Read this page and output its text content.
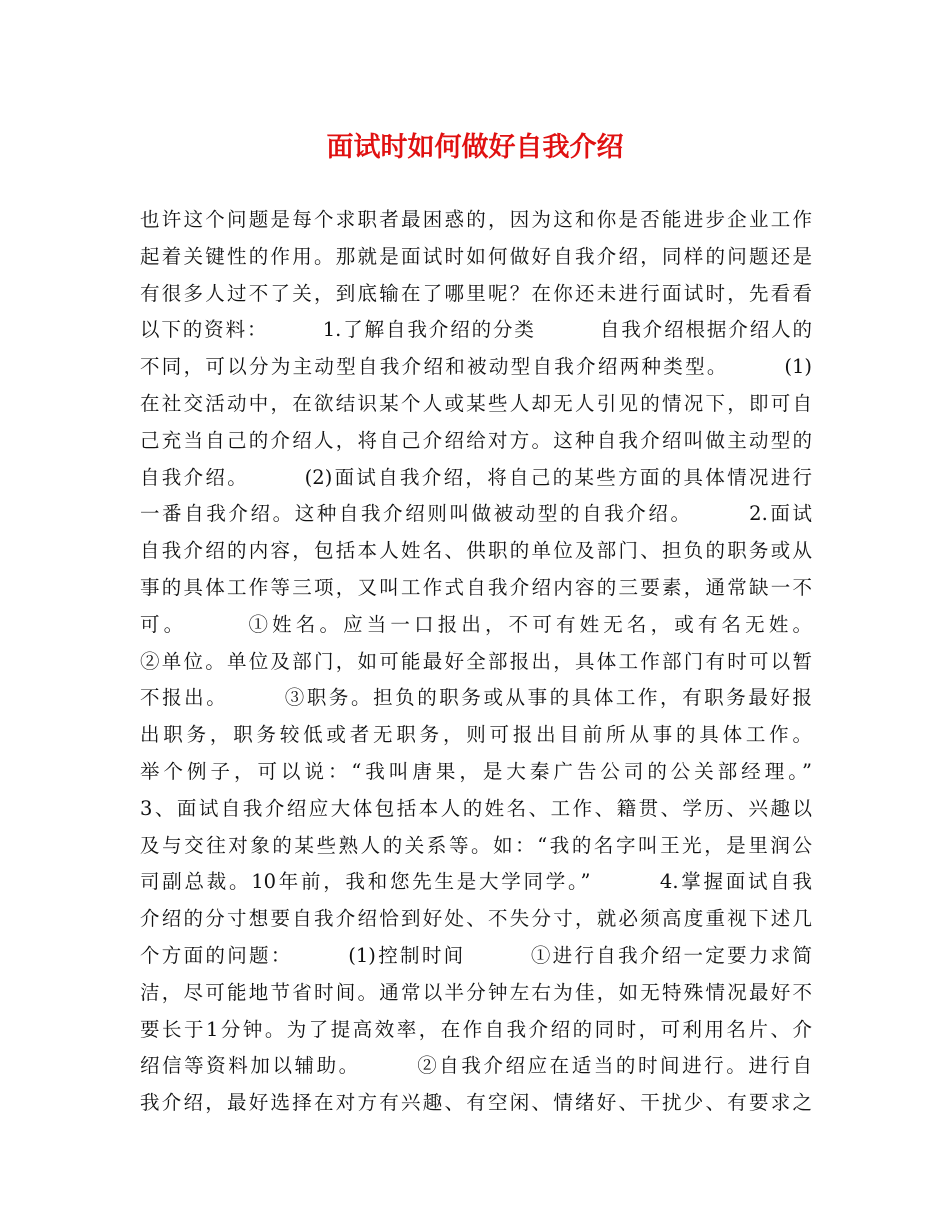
面试时如何做好自我介绍
也许这个问题是每个求职者最困惑的，因为这和你是否能进步企业工作
起着关键性的作用。那就是面试时如何做好自我介绍，同样的问题还是
有很多人过不了关，到底输在了哪里呢？在你还未进行面试时，先看看
以下的资料：　　　1.了解自我介绍的分类　　　自我介绍根据介绍人的
不同，可以分为主动型自我介绍和被动型自我介绍两种类型。　　　(1)
在社交活动中，在欲结识某个人或某些人却无人引见的情况下，即可自
己充当自己的介绍人，将自己介绍给对方。这种自我介绍叫做主动型的
自我介绍。　　　(2)面试自我介绍，将自己的某些方面的具体情况进行
一番自我介绍。这种自我介绍则叫做被动型的自我介绍。　　　2.面试
自我介绍的内容，包括本人姓名、供职的单位及部门、担负的职务或从
事的具体工作等三项，又叫工作式自我介绍内容的三要素，通常缺一不
可。　　　①姓名。应当一口报出，不可有姓无名，或有名无姓。
②单位。单位及部门，如可能最好全部报出，具体工作部门有时可以暂
不报出。　　　③职务。担负的职务或从事的具体工作，有职务最好报
出职务，职务较低或者无职务，则可报出目前所从事的具体工作。
举个例子，可以说：“我叫唐果，是大秦广告公司的公关部经理。”
3、面试自我介绍应大体包括本人的姓名、工作、籍贯、学历、兴趣以
及与交往对象的某些熟人的关系等。如：“我的名字叫王光，是里润公
司副总裁。10年前，我和您先生是大学同学。”　　　4.掌握面试自我
介绍的分寸想要自我介绍恰到好处、不失分寸，就必须高度重视下述几
个方面的问题：　　　(1)控制时间　　　①进行自我介绍一定要力求简
洁，尽可能地节省时间。通常以半分钟左右为佳，如无特殊情况最好不
要长于1分钟。为了提高效率，在作自我介绍的同时，可利用名片、介
绍信等资料加以辅助。　　　②自我介绍应在适当的时间进行。进行自
我介绍，最好选择在对方有兴趣、有空闲、情绪好、干扰少、有要求之
